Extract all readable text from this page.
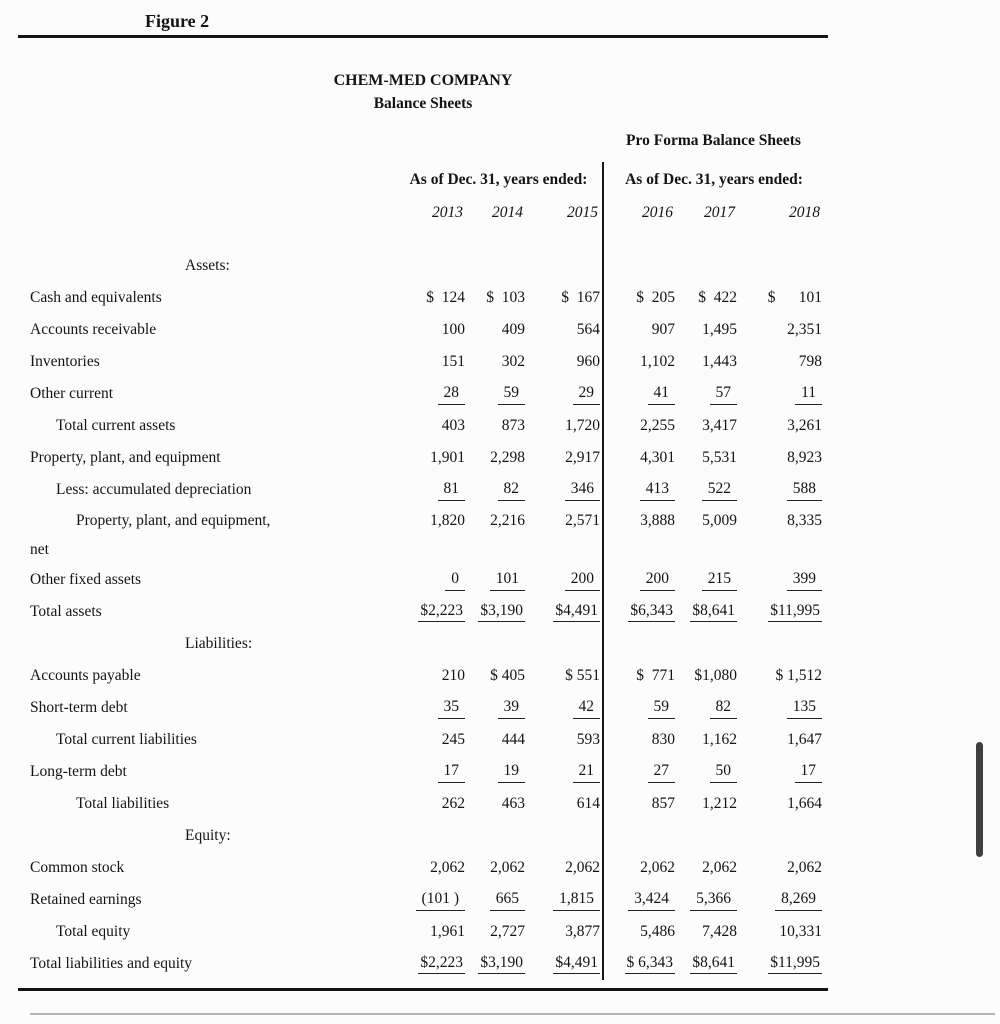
Figure 2
CHEM-MED COMPANY
Balance Sheets
				Pro Forma Balance Sheets		
	As of Dec. 31, years ended:			As of Dec. 31, years ended:		
	2013	2014	2015	2016	2017	2018
Assets:						
Cash and equivalents	$  124	$  103	$  167	$  205	$  422	$      101
Accounts receivable	100	409	564	907	1,495	2,351
Inventories	151	302	960	1,102	1,443	798
Other current	28	59	29	41	57	11
Total current assets	403	873	1,720	2,255	3,417	3,261
Property, plant, and equipment	1,901	2,298	2,917	4,301	5,531	8,923
Less: accumulated depreciation	81	82	346	413	522	588

Property, plant, and equipment,
net	1,820	2,216	2,571	3,888	5,009	8,335
Other fixed assets	0	101	200	200	215	399
Total assets	$2,223	$3,190	$4,491	$6,343	$8,641	$11,995
Liabilities:						
Accounts payable	210	$ 405	$ 551	$  771	$1,080	$ 1,512
Short-term debt	35	39	42	59	82	135
Total current liabilities	245	444	593	830	1,162	1,647
Long-term debt	17	19	21	27	50	17
Total liabilities	262	463	614	857	1,212	1,664
Equity:						
Common stock	2,062	2,062	2,062	2,062	2,062	2,062
Retained earnings	(101 )	665	1,815	3,424	5,366	8,269
Total equity	1,961	2,727	3,877	5,486	7,428	10,331
Total liabilities and equity	$2,223	$3,190	$4,491	$ 6,343	$8,641	$11,995
